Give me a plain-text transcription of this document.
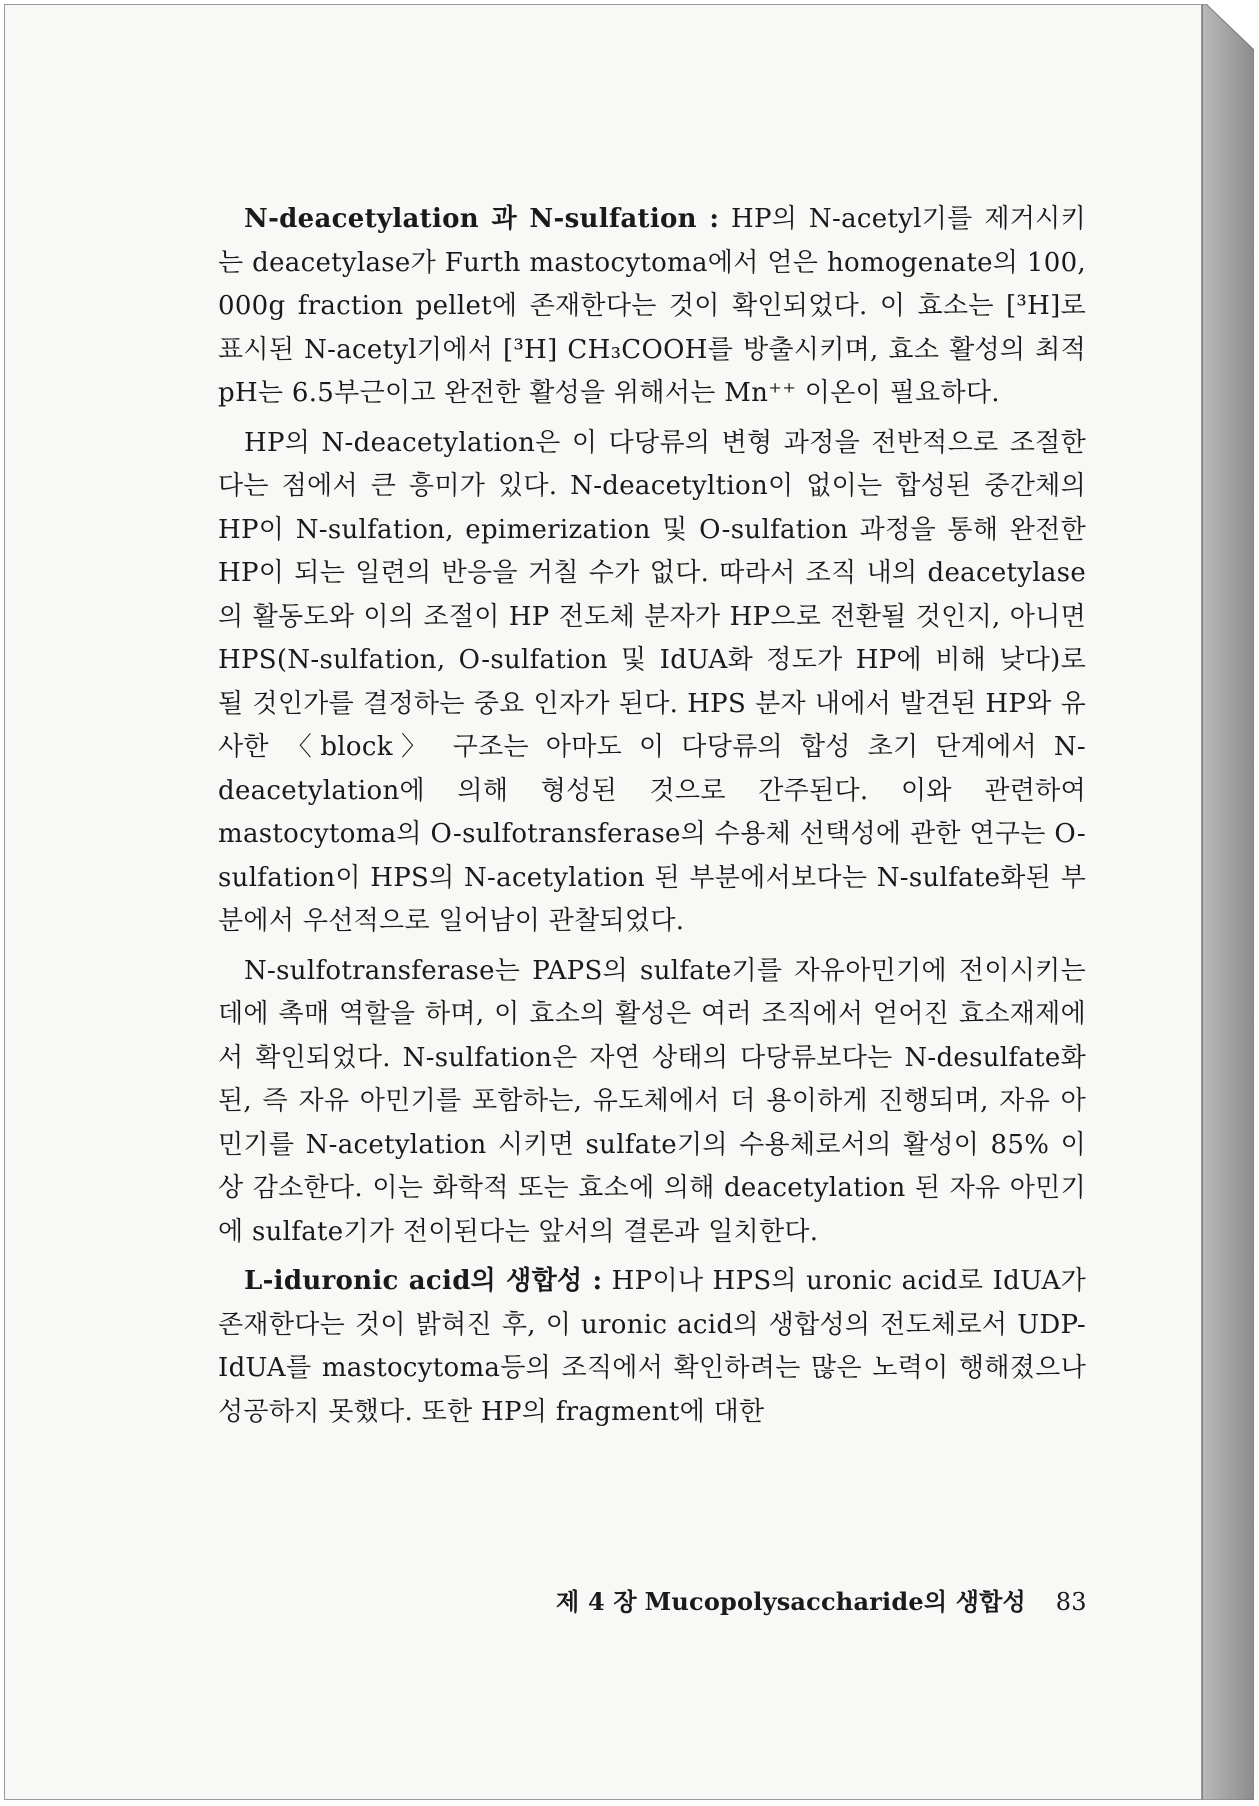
N-deacetylation 과 N-sulfation : HP의 N-acetyl기를 제거시키는 deacetylase가 Furth mastocytoma에서 얻은 homogenate의 100, 000g fraction pellet에 존재한다는 것이 확인되었다. 이 효소는 [³H]로 표시된 N-acetyl기에서 [³H] CH₃COOH를 방출시키며, 효소 활성의 최적 pH는 6.5부근이고 완전한 활성을 위해서는 Mn⁺⁺ 이온이 필요하다.

HP의 N-deacetylation은 이 다당류의 변형 과정을 전반적으로 조절한다는 점에서 큰 흥미가 있다. N-deacetyltion이 없이는 합성된 중간체의 HP이 N-sulfation, epimerization 및 O-sulfation 과정을 통해 완전한 HP이 되는 일련의 반응을 거칠 수가 없다. 따라서 조직 내의 deacetylase의 활동도와 이의 조절이 HP 전도체 분자가 HP으로 전환될 것인지, 아니면 HPS(N-sulfation, O-sulfation 및 IdUA화 정도가 HP에 비해 낮다)로 될 것인가를 결정하는 중요 인자가 된다. HPS 분자 내에서 발견된 HP와 유사한 〈block〉 구조는 아마도 이 다당류의 합성 초기 단계에서 N-deacetylation에 의해 형성된 것으로 간주된다. 이와 관련하여 mastocytoma의 O-sulfotransferase의 수용체 선택성에 관한 연구는 O-sulfation이 HPS의 N-acetylation 된 부분에서보다는 N-sulfate화된 부분에서 우선적으로 일어남이 관찰되었다.

N-sulfotransferase는 PAPS의 sulfate기를 자유아민기에 전이시키는 데에 촉매 역할을 하며, 이 효소의 활성은 여러 조직에서 얻어진 효소재제에서 확인되었다. N-sulfation은 자연 상태의 다당류보다는 N-desulfate화 된, 즉 자유 아민기를 포함하는, 유도체에서 더 용이하게 진행되며, 자유 아민기를 N-acetylation 시키면 sulfate기의 수용체로서의 활성이 85% 이상 감소한다. 이는 화학적 또는 효소에 의해 deacetylation 된 자유 아민기에 sulfate기가 전이된다는 앞서의 결론과 일치한다.

L-iduronic acid의 생합성 : HP이나 HPS의 uronic acid로 IdUA가 존재한다는 것이 밝혀진 후, 이 uronic acid의 생합성의 전도체로서 UDP-IdUA를 mastocytoma등의 조직에서 확인하려는 많은 노력이 행해졌으나 성공하지 못했다. 또한 HP의 fragment에 대한

제 4 장 Mucopolysaccharide의 생합성 83
